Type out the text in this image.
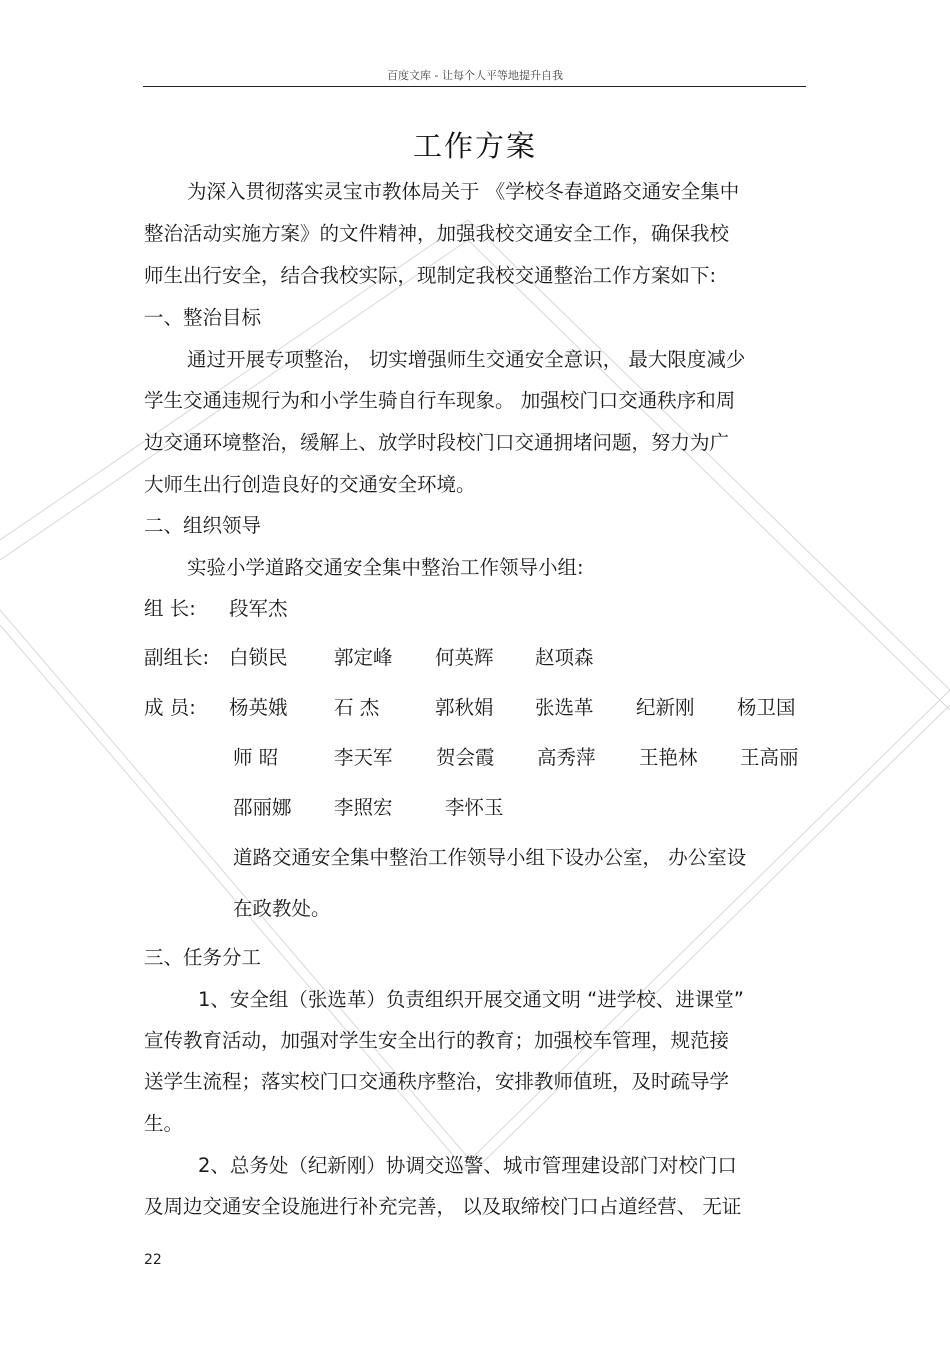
百度文库 - 让每个人平等地提升自我
工作方案
为深入贯彻落实灵宝市教体局关于 《学校冬春道路交通安全集中
整治活动实施方案》的文件精神，加强我校交通安全工作，确保我校
师生出行安全，结合我校实际，现制定我校交通整治工作方案如下:
一、整治目标
通过开展专项整治， 切实增强师生交通安全意识， 最大限度减少
学生交通违规行为和小学生骑自行车现象。 加强校门口交通秩序和周
边交通环境整治，缓解上、放学时段校门口交通拥堵问题，努力为广
大师生出行创造良好的交通安全环境。
二、组织领导
实验小学道路交通安全集中整治工作领导小组:
组 长: 段军杰
副组长: 白锁民 郭定峰 何英辉 赵项森
成 员: 杨英娥 石 杰	郭秋娟 张选革 纪新刚 杨卫国
师 昭	李天军 贺会霞 高秀萍 王艳林 王高丽
邵丽娜 李照宏	李怀玉
道路交通安全集中整治工作领导小组下设办公室， 办公室设
在政教处。
三、任务分工
1、安全组（张选革）负责组织开展交通文明 “进学校、进课堂”
宣传教育活动，加强对学生安全出行的教育；加强校车管理，规范接
送学生流程；落实校门口交通秩序整治，安排教师值班，及时疏导学
生。
2、总务处（纪新刚）协调交巡警、城市管理建设部门对校门口
及周边交通安全设施进行补充完善， 以及取缔校门口占道经营、 无证
22
